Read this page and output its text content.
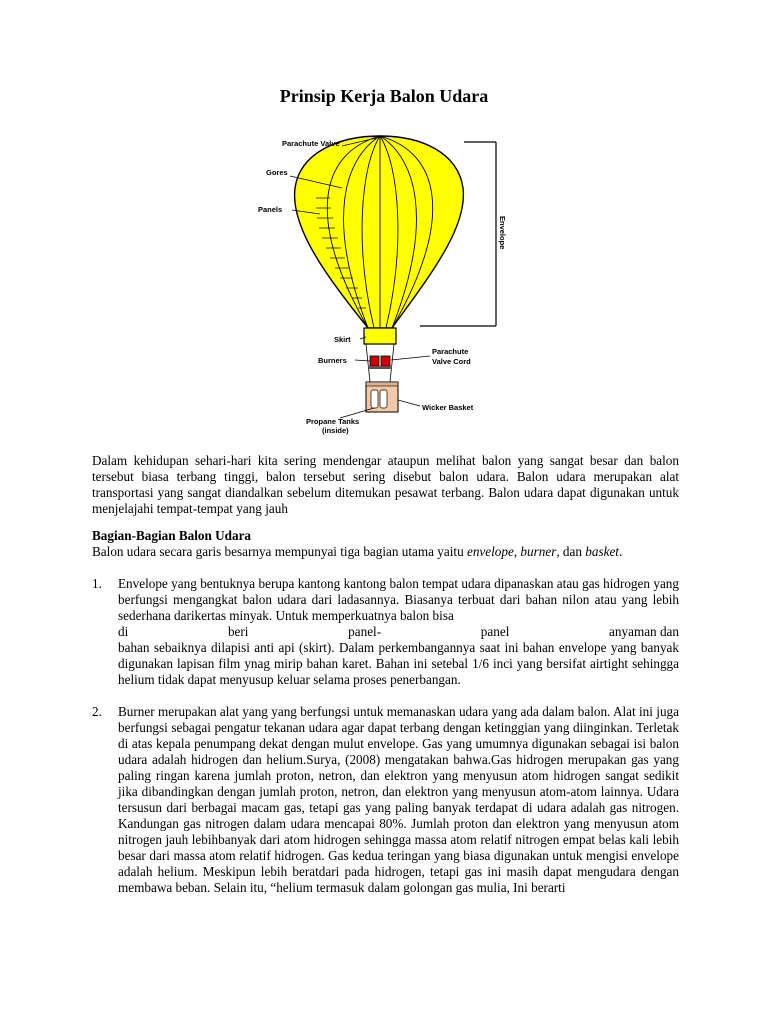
Prinsip Kerja Balon Udara
Parachute Valve
Gores
Panels
Envelope
Skirt
Burners
Parachute
Valve Cord
Wicker Basket
Propane Tanks
(inside)
Dalam kehidupan sehari-hari kita sering mendengar ataupun melihat balon yang sangat besar dan balon tersebut biasa terbang tinggi, balon tersebut sering disebut balon udara. Balon udara merupakan alat transportasi yang sangat diandalkan sebelum ditemukan pesawat terbang. Balon udara dapat digunakan untuk menjelajahi tempat-tempat yang jauh
Bagian-Bagian Balon Udara
Balon udara secara garis besarnya mempunyai tiga bagian utama yaitu envelope, burner, dan basket.
1. Envelope yang bentuknya berupa kantong kantong balon tempat udara dipanaskan atau gas hidrogen yang berfungsi mengangkat balon udara dari ladasannya. Biasanya terbuat dari bahan nilon atau yang lebih sederhana darikertas minyak. Untuk memperkuatnya balon bisa
di	beri	panel-	panel	anyaman dan
bahan sebaiknya dilapisi anti api (skirt). Dalam perkembangannya saat ini bahan envelope yang banyak digunakan lapisan film ynag mirip bahan karet. Bahan ini setebal 1/6 inci yang bersifat airtight sehingga helium tidak dapat menyusup keluar selama proses penerbangan.
2. Burner merupakan alat yang yang berfungsi untuk memanaskan udara yang ada dalam balon. Alat ini juga berfungsi sebagai pengatur tekanan udara agar dapat terbang dengan ketinggian yang diinginkan. Terletak di atas kepala penumpang dekat dengan mulut envelope. Gas yang umumnya digunakan sebagai isi balon udara adalah hidrogen dan helium.Surya, (2008) mengatakan bahwa.Gas hidrogen merupakan gas yang paling ringan karena jumlah proton, netron, dan elektron yang menyusun atom hidrogen sangat sedikit jika dibandingkan dengan jumlah proton, netron, dan elektron yang menyusun atom-atom lainnya. Udara tersusun dari berbagai macam gas, tetapi gas yang paling banyak terdapat di udara adalah gas nitrogen. Kandungan gas nitrogen dalam udara mencapai 80%. Jumlah proton dan elektron yang menyusun atom nitrogen jauh lebihbanyak dari atom hidrogen sehingga massa atom relatif nitrogen empat belas kali lebih besar dari massa atom relatif hidrogen. Gas kedua teringan yang biasa digunakan untuk mengisi envelope adalah helium. Meskipun lebih beratdari pada hidrogen, tetapi gas ini masih dapat mengudara dengan membawa beban. Selain itu, “helium termasuk dalam golongan gas mulia, Ini berarti
